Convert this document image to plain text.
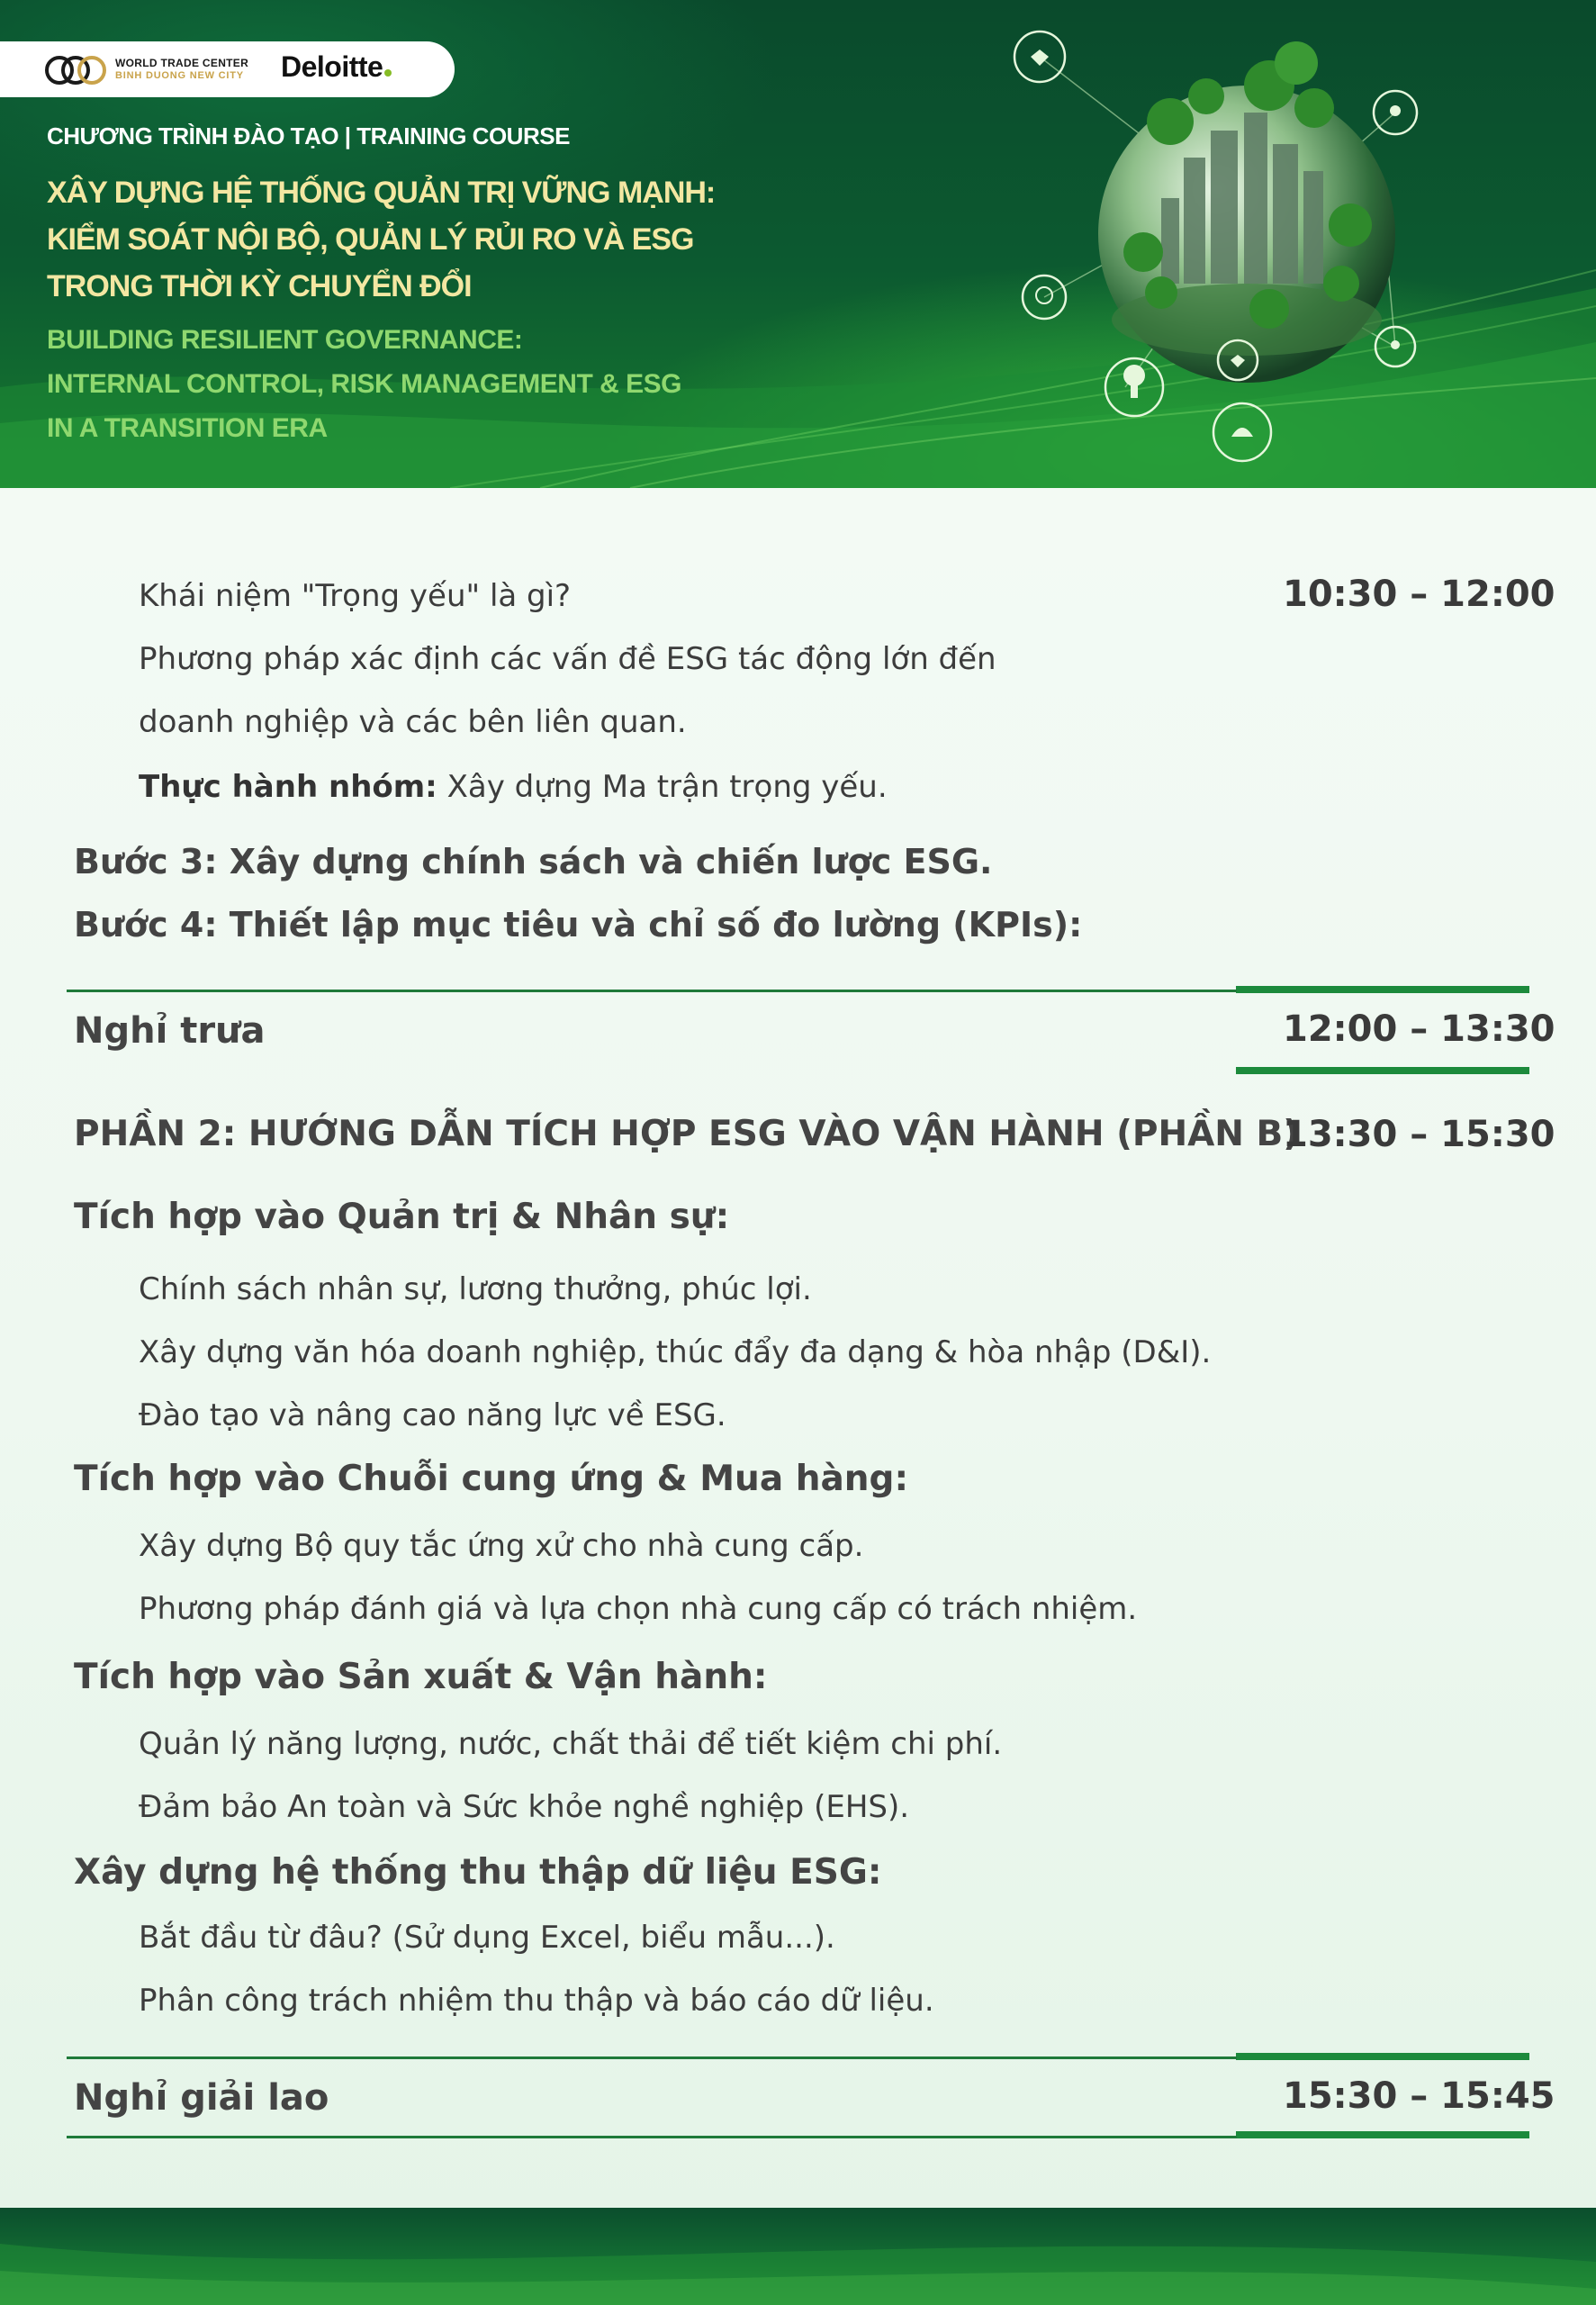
WORLD TRADE CENTER
BINH DUONG NEW CITY Deloitte
CHƯƠNG TRÌNH ĐÀO TẠO | TRAINING COURSE
XÂY DỰNG HỆ THỐNG QUẢN TRỊ VỮNG MẠNH:
KIỂM SOÁT NỘI BỘ, QUẢN LÝ RỦI RO VÀ ESG
TRONG THỜI KỲ CHUYỂN ĐỔI
BUILDING RESILIENT GOVERNANCE:
INTERNAL CONTROL, RISK MANAGEMENT & ESG
IN A TRANSITION ERA
10:30 – 12:00
Khái niệm "Trọng yếu" là gì?
Phương pháp xác định các vấn đề ESG tác động lớn đến
doanh nghiệp và các bên liên quan.
Thực hành nhóm: Xây dựng Ma trận trọng yếu.
Bước 3: Xây dựng chính sách và chiến lược ESG.
Bước 4: Thiết lập mục tiêu và chỉ số đo lường (KPIs):
Nghỉ trưa	12:00 – 13:30
PHẦN 2: HƯỚNG DẪN TÍCH HỢP ESG VÀO VẬN HÀNH (PHẦN B)
13:30 – 15:30
Tích hợp vào Quản trị & Nhân sự:
Chính sách nhân sự, lương thưởng, phúc lợi.
Xây dựng văn hóa doanh nghiệp, thúc đẩy đa dạng & hòa nhập (D&I).
Đào tạo và nâng cao năng lực về ESG.
Tích hợp vào Chuỗi cung ứng & Mua hàng:
Xây dựng Bộ quy tắc ứng xử cho nhà cung cấp.
Phương pháp đánh giá và lựa chọn nhà cung cấp có trách nhiệm.
Tích hợp vào Sản xuất & Vận hành:
Quản lý năng lượng, nước, chất thải để tiết kiệm chi phí.
Đảm bảo An toàn và Sức khỏe nghề nghiệp (EHS).
Xây dựng hệ thống thu thập dữ liệu ESG:
Bắt đầu từ đâu? (Sử dụng Excel, biểu mẫu...).
Phân công trách nhiệm thu thập và báo cáo dữ liệu.
Nghỉ giải lao	15:30 – 15:45
